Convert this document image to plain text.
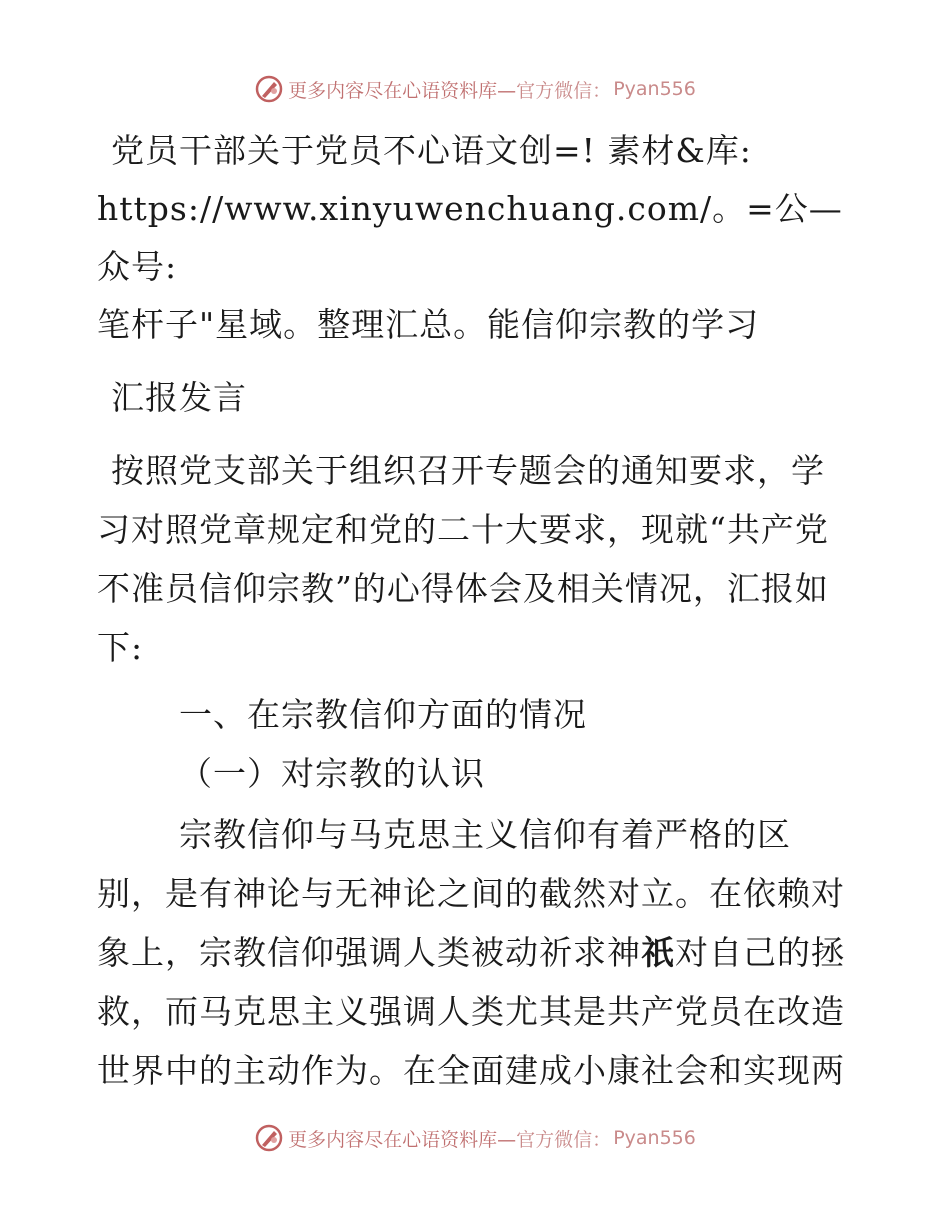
更多内容尽在心语资料库— 官方微信： Pyan556

党员干部关于党员不心语文创=! 素材&库:

https://www.xinyuwenchuang.com/。=公—众号:

笔杆子"星域。整理汇总。能信仰宗教的学习

汇报发言

按照党支部关于组织召开专题会的通知要求，学

习对照党章规定和党的二十大要求，现就“共产党

不准员信仰宗教”的心得体会及相关情况，汇报如

下:

一、在宗教信仰方面的情况

（一）对宗教的认识

宗教信仰与马克思主义信仰有着严格的区

别，是有神论与无神论之间的截然对立。在依赖对

象上，宗教信仰强调人类被动祈求神祇对自己的拯

救，而马克思主义强调人类尤其是共产党员在改造

世界中的主动作为。在全面建成小康社会和实现两

更多内容尽在心语资料库— 官方微信： Pyan556
